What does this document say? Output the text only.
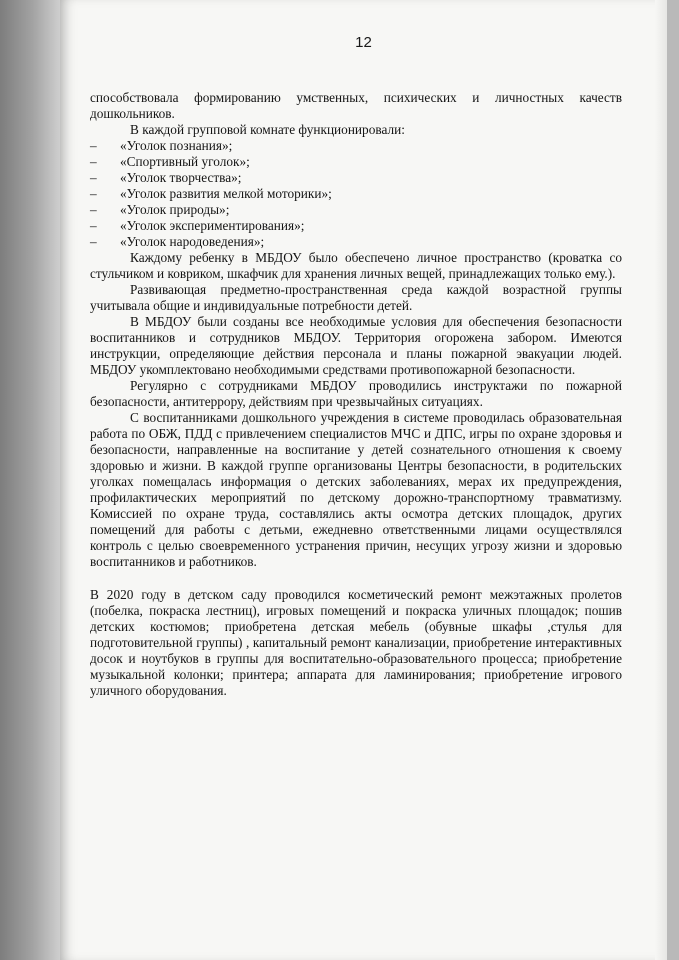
12

способствовала формированию умственных, психических и личностных качеств дошкольников.

В каждой групповой комнате функционировали:

– «Уголок познания»;
– «Спортивный уголок»;
– «Уголок творчества»;
– «Уголок развития мелкой моторики»;
– «Уголок природы»;
– «Уголок экспериментирования»;
– «Уголок народоведения»;

Каждому ребенку в МБДОУ было обеспечено личное пространство (кроватка со стульчиком и ковриком, шкафчик для хранения личных вещей, принадлежащих только ему.).

Развивающая предметно-пространственная среда каждой возрастной группы учитывала общие и индивидуальные потребности детей.

В МБДОУ были созданы все необходимые условия для обеспечения безопасности воспитанников и сотрудников МБДОУ. Территория огорожена забором. Имеются инструкции, определяющие действия персонала и планы пожарной эвакуации людей. МБДОУ укомплектовано необходимыми средствами противопожарной безопасности.

Регулярно с сотрудниками МБДОУ проводились инструктажи по пожарной безопасности, антитеррору, действиям при чрезвычайных ситуациях.

С воспитанниками дошкольного учреждения в системе проводилась образовательная работа по ОБЖ, ПДД с привлечением специалистов МЧС и ДПС, игры по охране здоровья и безопасности, направленные на воспитание у детей сознательного отношения к своему здоровью и жизни. В каждой группе организованы Центры безопасности, в родительских уголках помещалась информация о детских заболеваниях, мерах их предупреждения, профилактических мероприятий по детскому дорожно-транспортному травматизму. Комиссией по охране труда, составлялись акты осмотра детских площадок, других помещений для работы с детьми, ежедневно ответственными лицами осуществлялся контроль с целью своевременного устранения причин, несущих угрозу жизни и здоровью воспитанников и работников.

В 2020 году в детском саду проводился косметический ремонт межэтажных пролетов (побелка, покраска лестниц), игровых помещений и покраска уличных площадок; пошив детских костюмов; приобретена детская мебель (обувные шкафы ,стулья для подготовительной группы) , капитальный ремонт канализации, приобретение интерактивных досок и ноутбуков в группы для воспитательно-образовательного процесса; приобретение музыкальной колонки; принтера; аппарата для ламинирования; приобретение игрового уличного оборудования.
